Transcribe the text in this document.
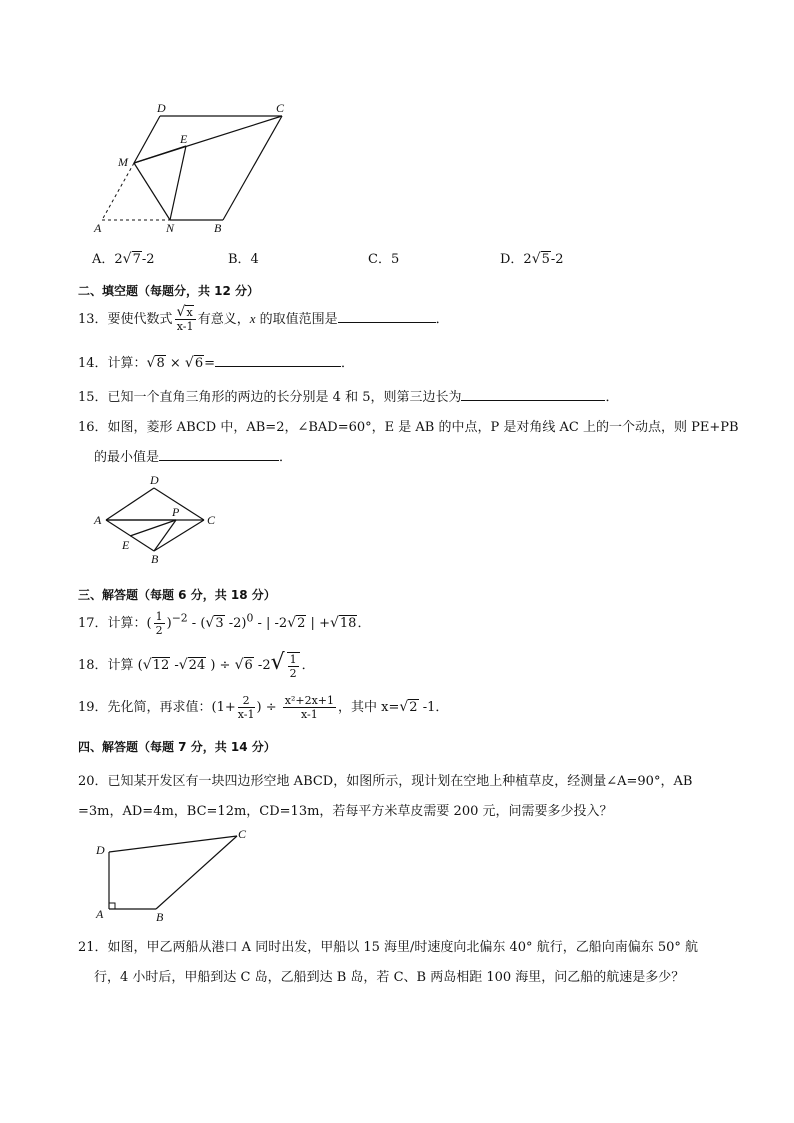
D	C
E
M
A	N	B
A．2√7-2	B．4	C．5	D．2√5-2
二、填空题（每题分，共 12 分）
13．要使代数式 $\frac{√x}{x-1}$ 有意义，x 的取值范围是	．
14．计算：√8 × √6=	．
15．已知一个直角三角形的两边的长分别是 4 和 5，则第三边长为	．
16．如图，菱形 ABCD 中，AB=2，∠BAD=60°，E 是 AB 的中点，P 是对角线 AC 上的一个动点，则 PE+PB
的最小值是	．
D
A
P
C
E
B
三、解答题（每题 6 分，共 18 分）
17．计算：( $\frac{1}{2} )^{-2} - (√3$ -2)$^0$ - | -2√2 | +√18．
18．计算 (√12 -√24 ) ÷ √6 $-2√ \frac{1}{2}$ ．
19．先化简，再求值：($1+ \frac{2}{x-1}$ ) ÷ $\frac{\text{x²+2x+1}}{x-1}$ ，其中 x=√2 -1．
四、解答题（每题 7 分，共 14 分）
20．已知某开发区有一块四边形空地 ABCD，如图所示，现计划在空地上种植草皮，经测量∠A=90°，AB
=3m，AD=4m，BC=12m，CD=13m，若每平方米草皮需要 200 元，问需要多少投入？
D
C
A	B
21．如图，甲乙两船从港口 A 同时出发，甲船以 15 海里/时速度向北偏东 40° 航行，乙船向南偏东 50° 航
行，4 小时后，甲船到达 C 岛，乙船到达 B 岛，若 C、B 两岛相距 100 海里，问乙船的航速是多少？
